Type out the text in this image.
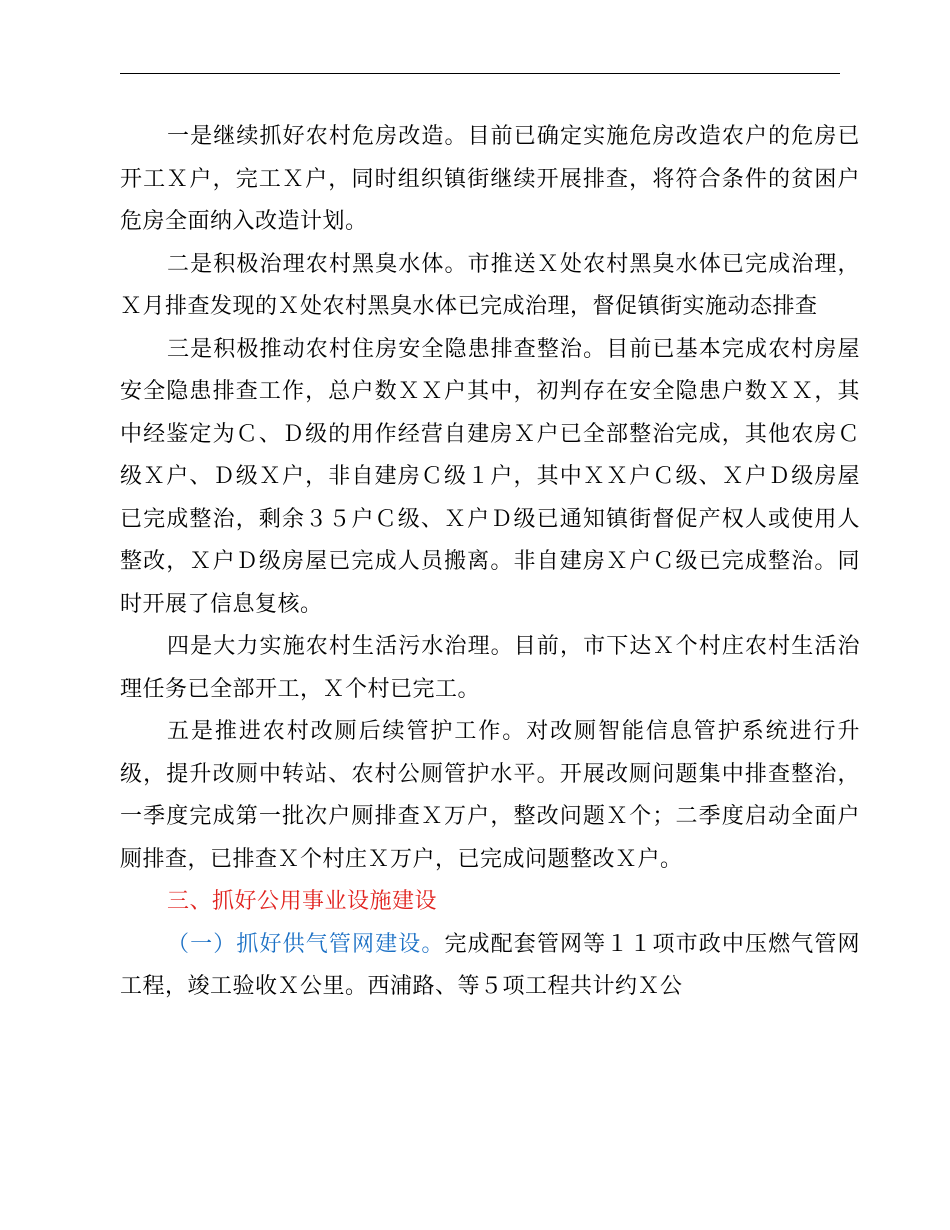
一是继续抓好农村危房改造。目前已确定实施危房改造农户的危房已开工Ｘ户，完工Ｘ户，同时组织镇街继续开展排查，将符合条件的贫困户危房全面纳入改造计划。

二是积极治理农村黑臭水体。市推送Ｘ处农村黑臭水体已完成治理，Ｘ月排查发现的Ｘ处农村黑臭水体已完成治理，督促镇街实施动态排查

三是积极推动农村住房安全隐患排查整治。目前已基本完成农村房屋安全隐患排查工作，总户数ＸＸ户其中，初判存在安全隐患户数ＸＸ，其中经鉴定为Ｃ、Ｄ级的用作经营自建房Ｘ户已全部整治完成，其他农房Ｃ级Ｘ户、Ｄ级Ｘ户，非自建房Ｃ级１户，其中ＸＸ户Ｃ级、Ｘ户Ｄ级房屋已完成整治，剩余３５户Ｃ级、Ｘ户Ｄ级已通知镇街督促产权人或使用人整改，Ｘ户Ｄ级房屋已完成人员搬离。非自建房Ｘ户Ｃ级已完成整治。同时开展了信息复核。

四是大力实施农村生活污水治理。目前，市下达Ｘ个村庄农村生活治理任务已全部开工，Ｘ个村已完工。

五是推进农村改厕后续管护工作。对改厕智能信息管护系统进行升级，提升改厕中转站、农村公厕管护水平。开展改厕问题集中排查整治，一季度完成第一批次户厕排查Ｘ万户，整改问题Ｘ个；二季度启动全面户厕排查，已排查Ｘ个村庄Ｘ万户，已完成问题整改Ｘ户。

三、抓好公用事业设施建设

（一）抓好供气管网建设。完成配套管网等１１项市政中压燃气管网工程，竣工验收Ｘ公里。西浦路、等５项工程共计约Ｘ公
